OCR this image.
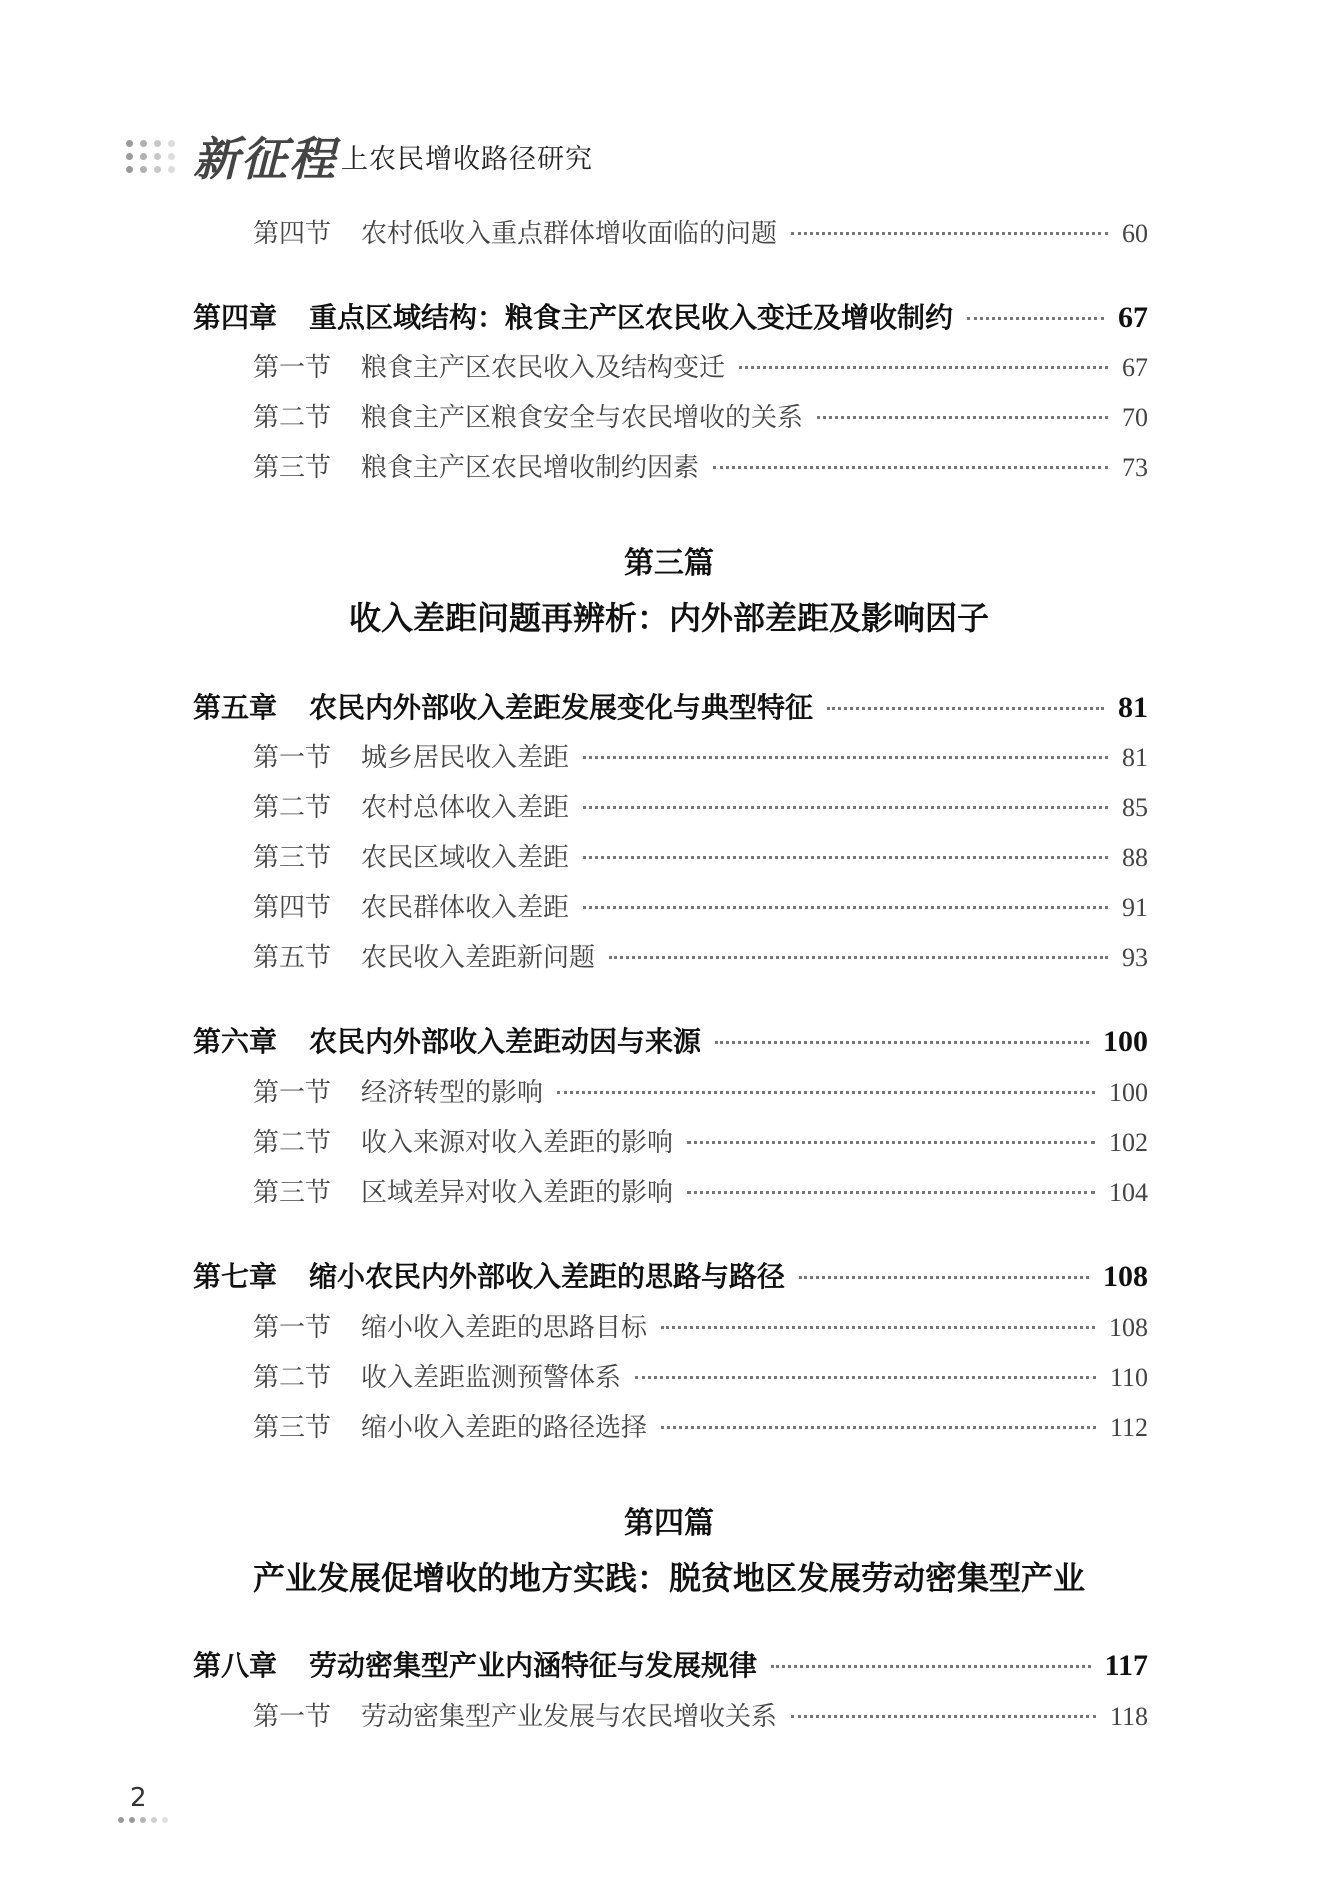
新征程 上农民增收路径研究
第四节 农村低收入重点群体增收面临的问题	60
第四章 重点区域结构：粮食主产区农民收入变迁及增收制约	67
第一节 粮食主产区农民收入及结构变迁	67
第二节 粮食主产区粮食安全与农民增收的关系	70
第三节 粮食主产区农民增收制约因素	73
第五章 农民内外部收入差距发展变化与典型特征	81
第一节 城乡居民收入差距	81
第二节 农村总体收入差距	85
第三节 农民区域收入差距	88
第四节 农民群体收入差距	91
第五节 农民收入差距新问题	93
第六章 农民内外部收入差距动因与来源	100
第一节 经济转型的影响	100
第二节 收入来源对收入差距的影响	102
第三节 区域差异对收入差距的影响	104
第七章 缩小农民内外部收入差距的思路与路径	108
第一节 缩小收入差距的思路目标	108
第二节 收入差距监测预警体系	110
第三节 缩小收入差距的路径选择	112
第八章 劳动密集型产业内涵特征与发展规律	117
第一节 劳动密集型产业发展与农民增收关系	118
第三篇
收入差距问题再辨析：内外部差距及影响因子
第四篇
产业发展促增收的地方实践：脱贫地区发展劳动密集型产业
2
